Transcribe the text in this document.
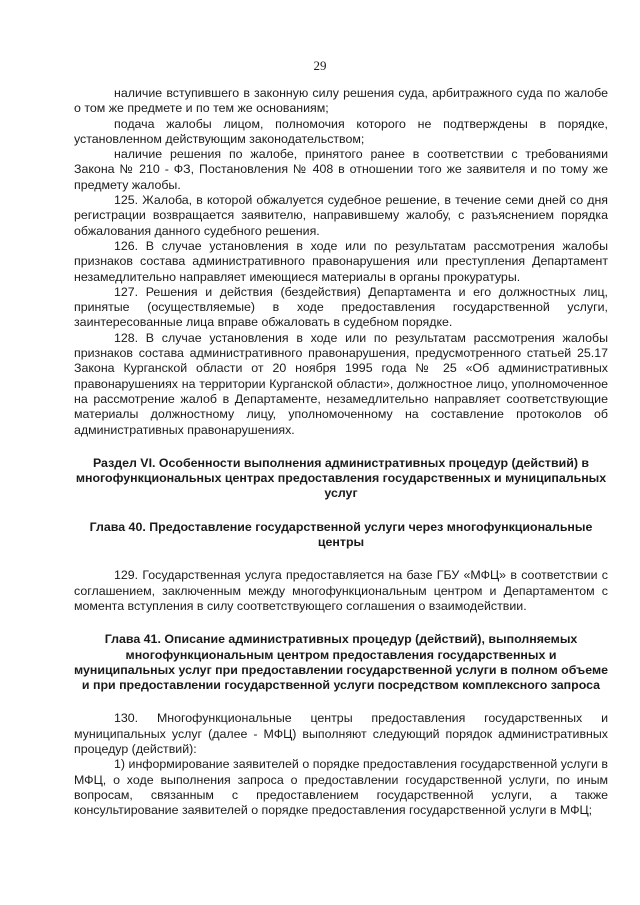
29

наличие вступившего в законную силу решения суда, арбитражного суда по жалобе о том же предмете и по тем же основаниям;

подача жалобы лицом, полномочия которого не подтверждены в порядке, установленном действующим законодательством;

наличие решения по жалобе, принятого ранее в соответствии с требованиями Закона № 210 - ФЗ, Постановления № 408 в отношении того же заявителя и по тому же предмету жалобы.

125. Жалоба, в которой обжалуется судебное решение, в течение семи дней со дня регистрации возвращается заявителю, направившему жалобу, с разъяснением порядка обжалования данного судебного решения.

126. В случае установления в ходе или по результатам рассмотрения жалобы признаков состава административного правонарушения или преступления Департамент незамедлительно направляет имеющиеся материалы в органы прокуратуры.

127. Решения и действия (бездействия) Департамента и его должностных лиц, принятые (осуществляемые) в ходе предоставления государственной услуги, заинтересованные лица вправе обжаловать в судебном порядке.

128. В случае установления в ходе или по результатам рассмотрения жалобы признаков состава административного правонарушения, предусмотренного статьей 25.17 Закона Курганской области от 20 ноября 1995 года № 25 «Об административных правонарушениях на территории Курганской области», должностное лицо, уполномоченное на рассмотрение жалоб в Департаменте, незамедлительно направляет соответствующие материалы должностному лицу, уполномоченному на составление протоколов об административных правонарушениях.

Раздел VI. Особенности выполнения административных процедур (действий) в многофункциональных центрах предоставления государственных и муниципальных услуг
Глава 40. Предоставление государственной услуги через многофункциональные центры

129. Государственная услуга предоставляется на базе ГБУ «МФЦ» в соответствии с соглашением, заключенным между многофункциональным центром и Департаментом с момента вступления в силу соответствующего соглашения о взаимодействии.

Глава 41. Описание административных процедур (действий), выполняемых многофункциональным центром предоставления государственных и муниципальных услуг при предоставлении государственной услуги в полном объеме и при предоставлении государственной услуги посредством комплексного запроса

130. Многофункциональные центры предоставления государственных и муниципальных услуг (далее - МФЦ) выполняют следующий порядок административных процедур (действий):

1) информирование заявителей о порядке предоставления государственной услуги в МФЦ, о ходе выполнения запроса о предоставлении государственной услуги, по иным вопросам, связанным с предоставлением государственной услуги, а также консультирование заявителей о порядке предоставления государственной услуги в МФЦ;
